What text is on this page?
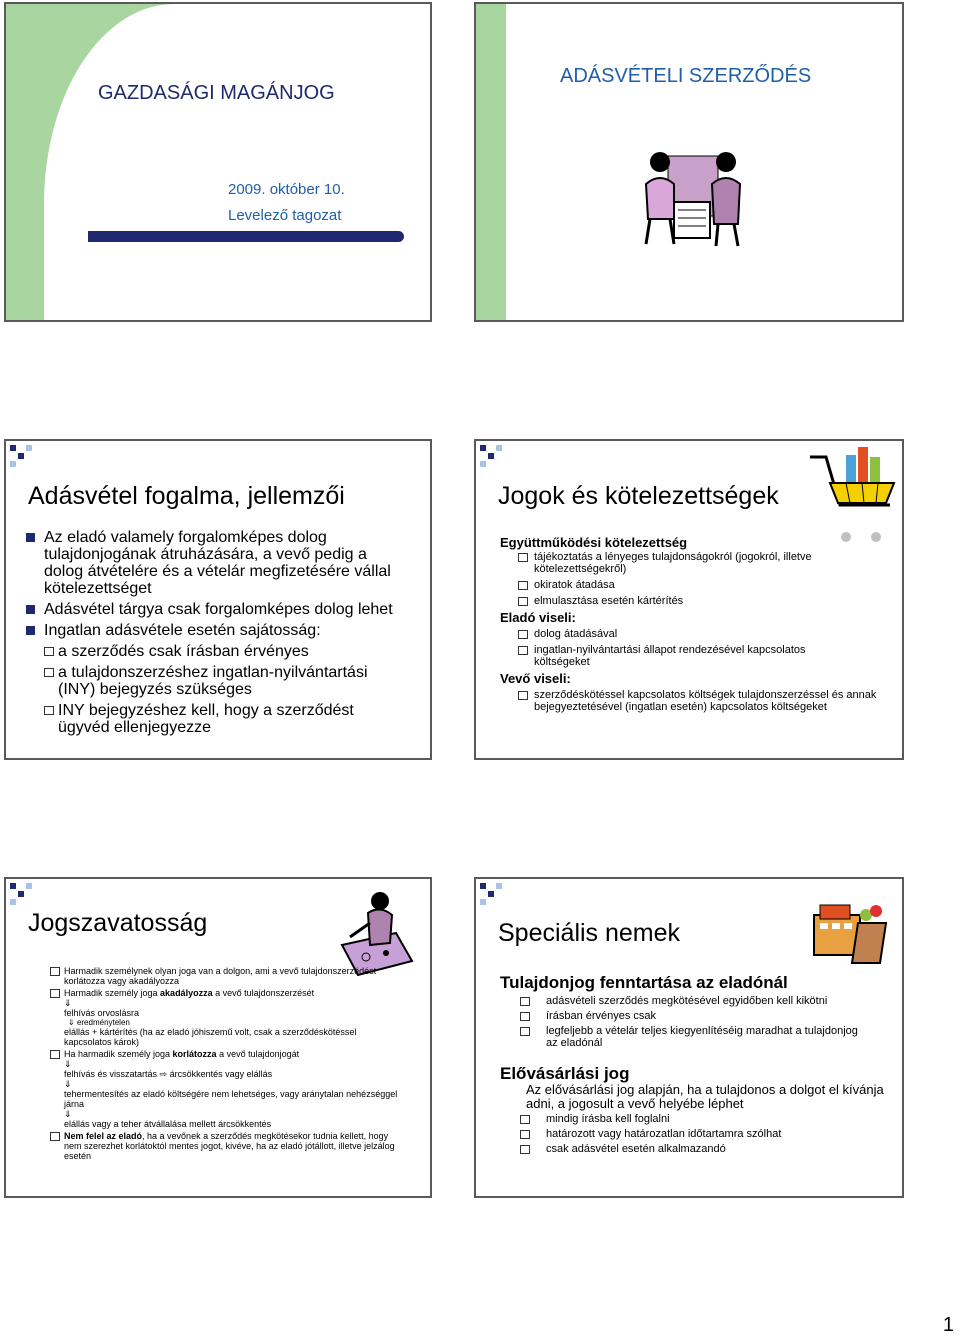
GAZDASÁGI MAGÁNJOG
2009. október 10.
Levelező tagozat
ADÁSVÉTELI SZERZŐDÉS
Adásvétel fogalma, jellemzői
Az eladó valamely forgalomképes dolog tulajdonjogának átruházására, a vevő pedig a dolog átvételére és a vételár megfizetésére vállal kötelezettséget
Adásvétel tárgya csak forgalomképes dolog lehet
Ingatlan adásvétele esetén sajátosság:
a szerződés csak írásban érvényes
a tulajdonszerzéshez ingatlan-nyilvántartási (INY) bejegyzés szükséges
INY bejegyzéshez kell, hogy a szerződést ügyvéd ellenjegyezze
Jogok és kötelezettségek
Együttműködési kötelezettség
tájékoztatás a lényeges tulajdonságokról (jogokról, illetve kötelezettségekről)
okiratok átadása
elmulasztása esetén kártérítés
Eladó viseli:
dolog átadásával
ingatlan-nyilvántartási állapot rendezésével kapcsolatos költségeket
Vevő viseli:
szerződéskötéssel kapcsolatos költségek tulajdonszerzéssel és annak bejegyeztetésével (ingatlan esetén) kapcsolatos költségeket
Jogszavatosság
Harmadik személynek olyan joga van a dolgon, ami a vevő tulajdonszerzédést korlátozza vagy akadályozza
Harmadik személy joga akadályozza a vevő tulajdonszerzését
⇓
felhívás orvoslásra
⇓ eredménytelen
elállás + kártérítés (ha az eladó jóhiszemű volt, csak a szerződéskötéssel kapcsolatos károk)
Ha harmadik személy joga korlátozza a vevő tulajdonjogát
⇓
felhívás és visszatartás ⇨ árcsökkentés vagy elállás
⇓
tehermentesítés az eladó költségére nem lehetséges, vagy aránytalan nehézséggel járna
⇓
elállás vagy a teher átvállalása mellett árcsökkentés
Nem felel az eladó, ha a vevőnek a szerződés megkötésekor tudnia kellett, hogy nem szerezhet korlátoktól mentes jogot, kivéve, ha az eladó jótállott, illetve jelzálog esetén
Speciális nemek
Tulajdonjog fenntartása az eladónál
adásvételi szerződés megkötésével egyidőben kell kikötni
írásban érvényes csak
legfeljebb a vételár teljes kiegyenlítéséig maradhat a tulajdonjog az eladónál
Elővásárlási jog
Az elővásárlási jog alapján, ha a tulajdonos a dolgot el kívánja adni, a jogosult a vevő helyébe léphet
mindig írásba kell foglalni
határozott vagy határozatlan időtartamra szólhat
csak adásvétel esetén alkalmazandó
1
